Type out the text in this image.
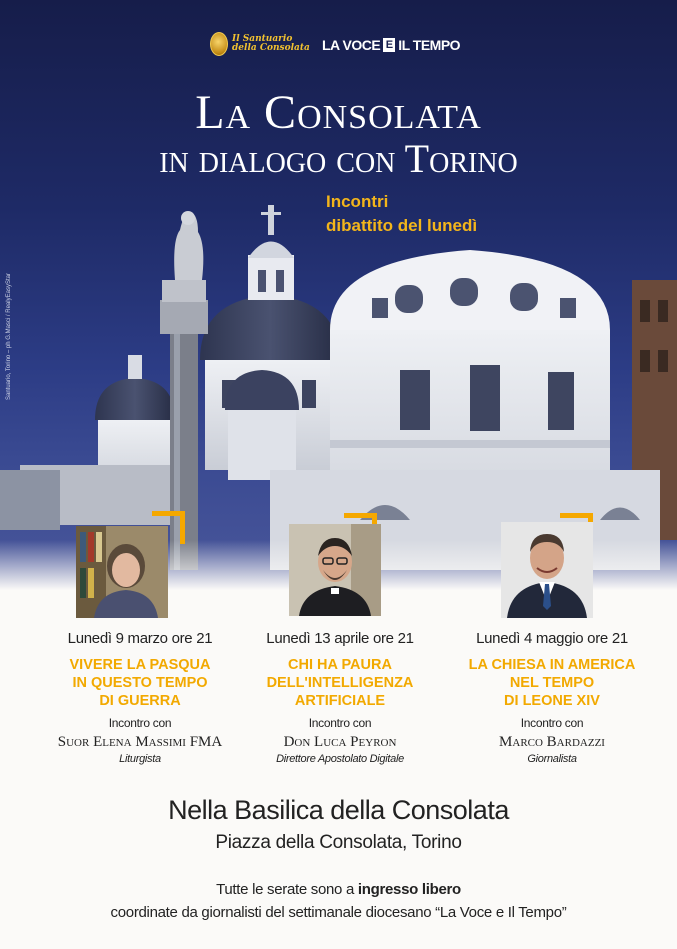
Il Santuario
della Consolata LA VOCE E IL TEMPO
La Consolata
in dialogo con Torino
Incontri
dibattito del lunedì
Santuario, Torino – ph G.Masci / RealyEasyStar
Lunedì 9 marzo ore 21
VIVERE LA PASQUA
IN QUESTO TEMPO
DI GUERRA
Incontro con
Suor Elena Massimi FMA
Liturgista
Lunedì 13 aprile ore 21
CHI HA PAURA
DELL'INTELLIGENZA
ARTIFICIALE
Incontro con
Don Luca Peyron
Direttore Apostolato Digitale
Lunedì 4 maggio ore 21
LA CHIESA IN AMERICA
NEL TEMPO
DI LEONE XIV
Incontro con
Marco Bardazzi
Giornalista
Nella Basilica della Consolata
Piazza della Consolata, Torino
Tutte le serate sono a ingresso libero
coordinate da giornalisti del settimanale diocesano “La Voce e Il Tempo”
